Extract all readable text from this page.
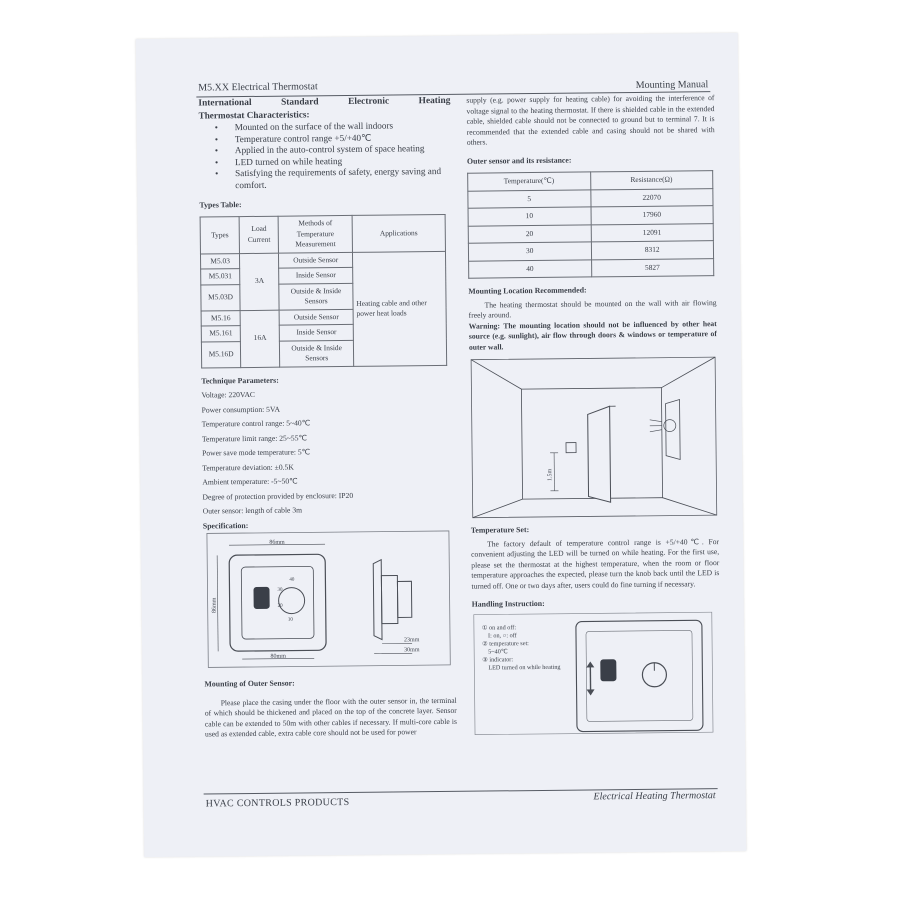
M5.XX Electrical Thermostat	Mounting Manual
International Standard Electronic Heating
Thermostat Characteristics:
• Mounted on the surface of the wall indoors
• Temperature control range +5/+40℃
• Applied in the auto-control system of space heating
• LED turned on while heating
• Satisfying the requirements of safety, energy saving and comfort.
Types Table:
Types	Load Current	Methods of Temperature Measurement	Applications
M5.03	3A	Outside Sensor	Heating cable and other power heat loads
M5.031		Inside Sensor	
M5.03D		Outside & Inside Sensors	
M5.16	16A	Outside Sensor	
M5.161		Inside Sensor	
M5.16D		Outside & Inside Sensors	
Technique Parameters:
Voltage: 220VAC
Power consumption: 5VA
Temperature control range: 5~40℃
Temperature limit range: 25~55℃
Power save mode temperature: 5℃
Temperature deviation: ±0.5K
Ambient temperature: -5~50℃
Degree of protection provided by enclosure: IP20
Outer sensor: length of cable 3m
Specification:
86mm
86mm
80mm
40
30
20
10
23mm
30mm
Mounting of Outer Sensor:
Please place the casing under the floor with the outer sensor in, the terminal of which should be thickened and placed on the top of the concrete layer. Sensor cable can be extended to 50m with other cables if necessary. If multi-core cable is used as extended cable, extra cable core should not be used for power
supply (e.g. power supply for heating cable) for avoiding the interference of voltage signal to the heating thermostat. If there is shielded cable in the extended cable, shielded cable should not be connected to ground but to terminal 7. It is recommended that the extended cable and casing should not be shared with others.
Outer sensor and its resistance:
Temperature(℃)	Resistance(Ω)
5	22070
10	17960
20	12091
30	8312
40	5827
Mounting Location Recommended:
The heating thermostat should be mounted on the wall with air flowing freely around.
Warning: The mounting location should not be influenced by other heat source (e.g. sunlight), air flow through doors & windows or temperature of outer wall.
1.5m
Temperature Set:
The factory default of temperature control range is +5/+40℃. For convenient adjusting the LED will be turned on while heating. For the first use, please set the thermostat at the highest temperature, when the room or floor temperature approaches the expected, please turn the knob back until the LED is turned off. One or two days after, users could do fine turning if necessary.
Handling Instruction:
① on and off:
I: on, ○: off
② temperature set:
5~40℃
③ indicator:
LED turned on while heating
HVAC CONTROLS PRODUCTS
Electrical Heating Thermostat
